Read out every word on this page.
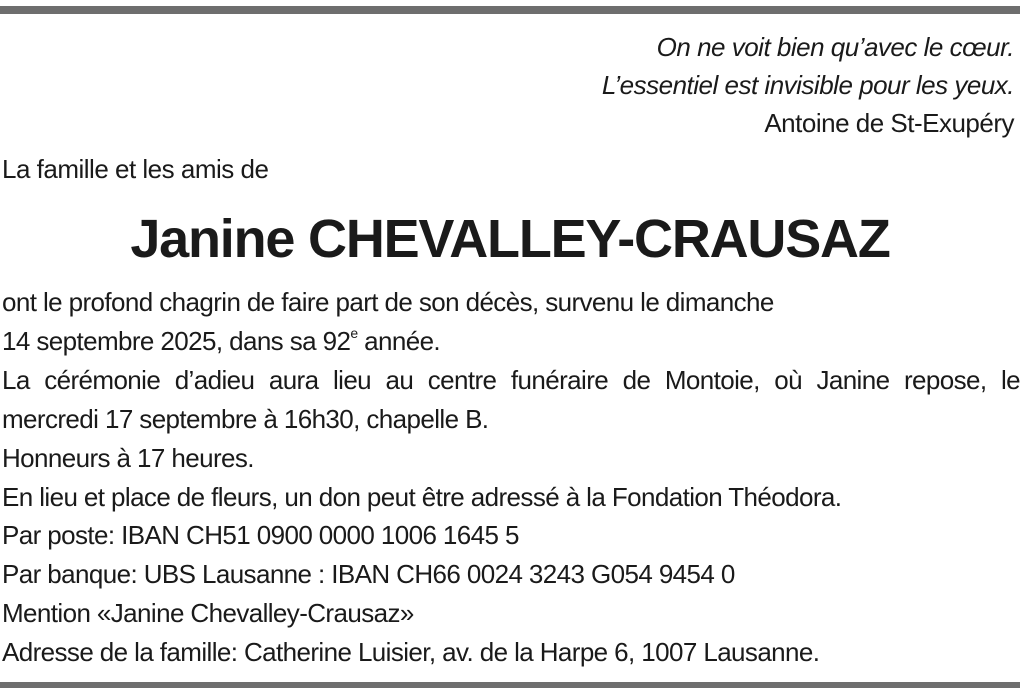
On ne voit bien qu’avec le cœur.
L’essentiel est invisible pour les yeux.
Antoine de St-Exupéry
La famille et les amis de
Janine CHEVALLEY-CRAUSAZ
ont le profond chagrin de faire part de son décès, survenu le dimanche
14 septembre 2025, dans sa 92e année.
La cérémonie d’adieu aura lieu au centre funéraire de Montoie, où Janine repose, le mercredi 17 septembre à 16h30, chapelle B.
Honneurs à 17 heures.
En lieu et place de fleurs, un don peut être adressé à la Fondation Théodora.
Par poste: IBAN CH51 0900 0000 1006 1645 5
Par banque: UBS Lausanne : IBAN CH66 0024 3243 G054 9454 0
Mention «Janine Chevalley-Crausaz»
Adresse de la famille: Catherine Luisier, av. de la Harpe 6, 1007 Lausanne.
